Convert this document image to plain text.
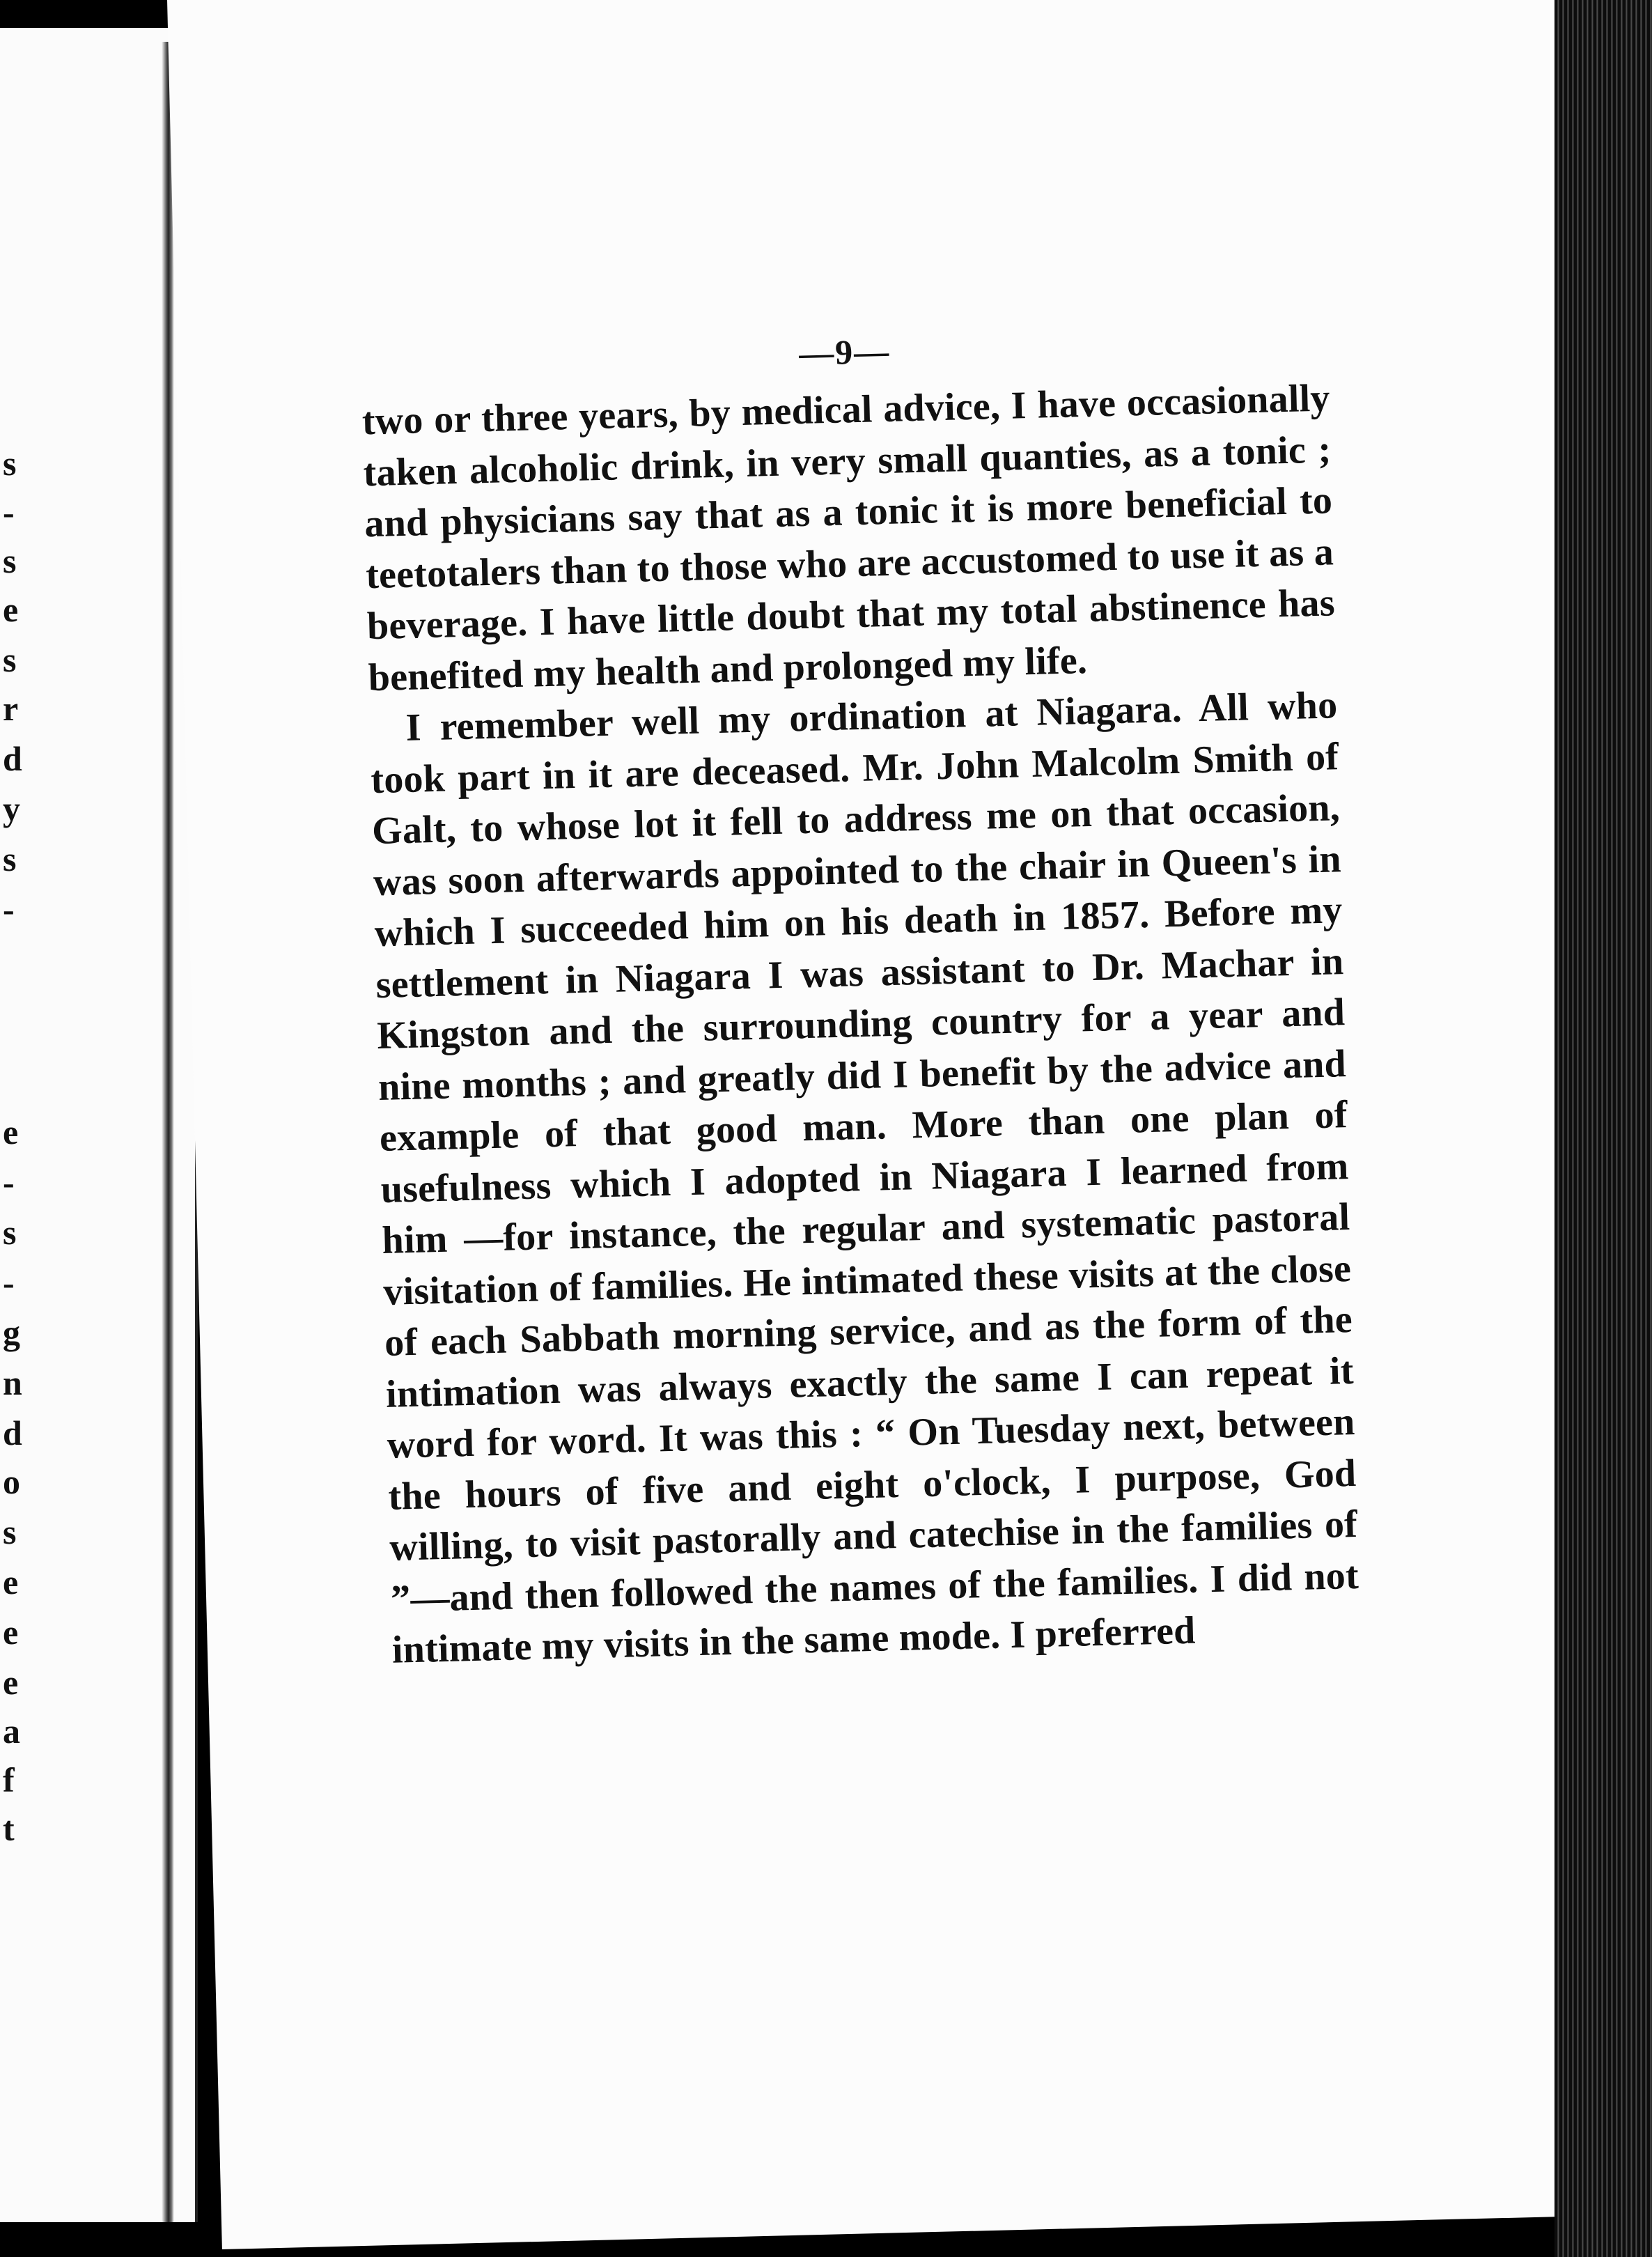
s
-
s
e
s
r
d
y
s
-
e
-
s
-
g
n
d
o
s
e
e
e
a
f
t
—9—

two or three years, by medical advice, I have occasionally taken alcoholic drink, in very small quanties, as a tonic ; and physicians say that as a tonic it is more beneficial to teetotalers than to those who are accustomed to use it as a beverage. I have little doubt that my total abstinence has benefited my health and prolonged my life.

I remember well my ordination at Niagara. All who took part in it are deceased. Mr. John Malcolm Smith of Galt, to whose lot it fell to address me on that occasion, was soon afterwards appointed to the chair in Queen's in which I succeeded him on his death in 1857. Before my settlement in Niagara I was assistant to Dr. Machar in Kingston and the surrounding country for a year and nine months ; and greatly did I benefit by the advice and example of that good man. More than one plan of usefulness which I adopted in Niagara I learned from him —for instance, the regular and systematic pastoral visitation of families. He intimated these visits at the close of each Sabbath morning service, and as the form of the intimation was always exactly the same I can repeat it word for word. It was this : “ On Tuesday next, between the hours of five and eight o'clock, I purpose, God willing, to visit pastorally and catechise in the families of ”—and then followed the names of the families. I did not intimate my visits in the same mode. I preferred
